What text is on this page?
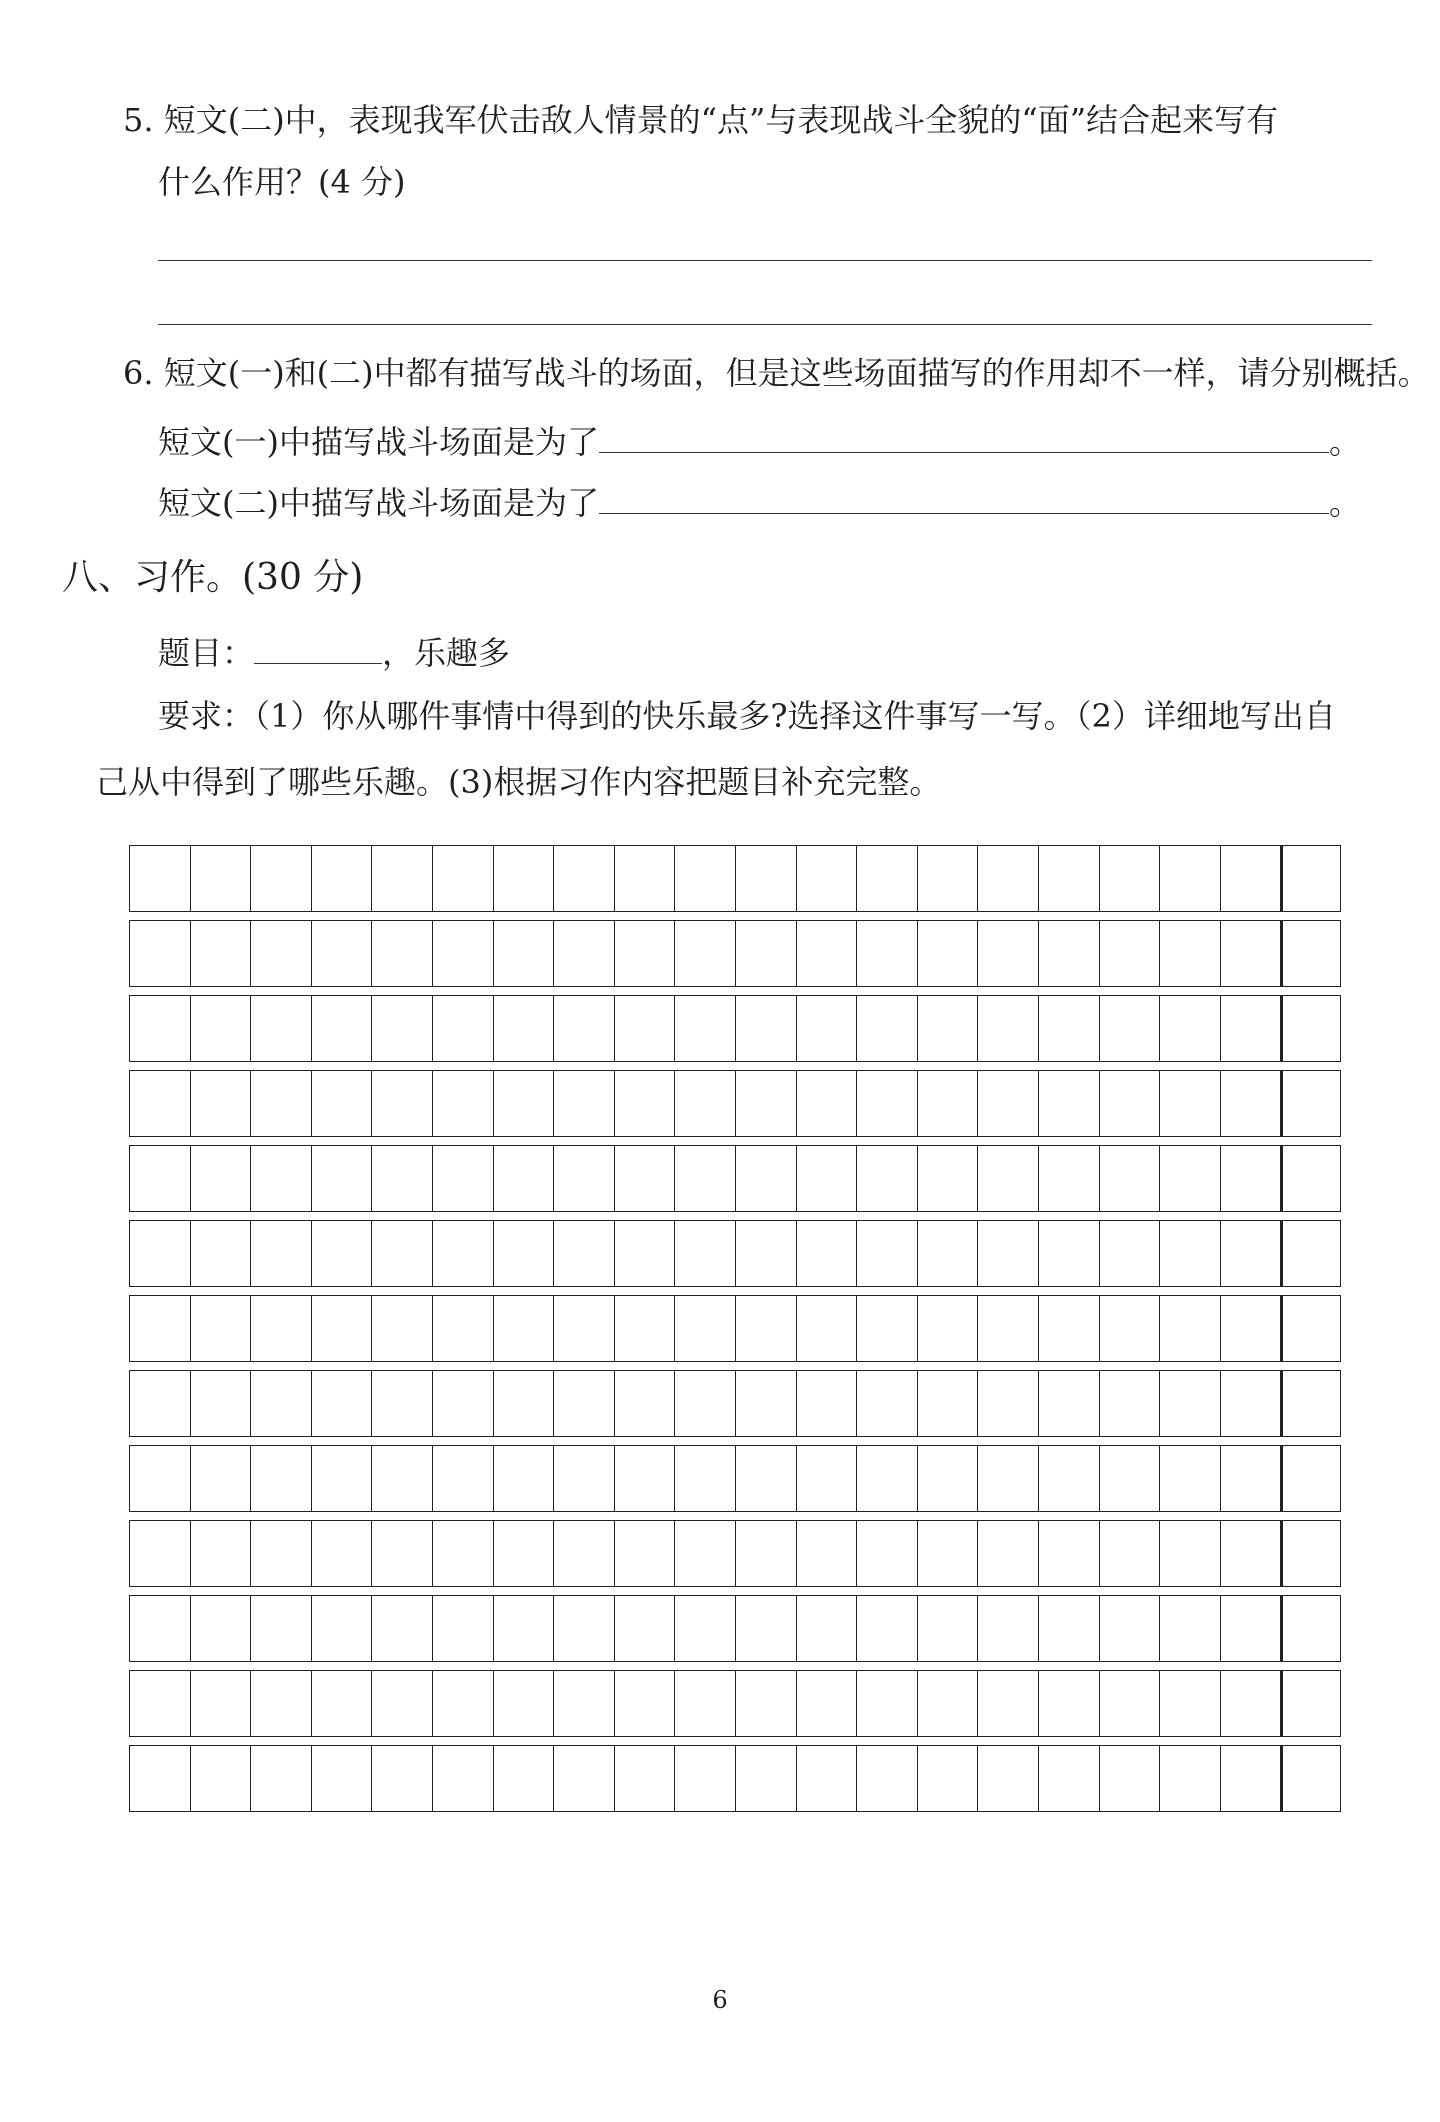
5. 短文(二)中，表现我军伏击敌人情景的“点”与表现战斗全貌的“面”结合起来写有
什么作用？(4 分)
6. 短文(一)和(二)中都有描写战斗的场面，但是这些场面描写的作用却不一样，请分别概括。
短文(一)中描写战斗场面是为了	。
短文(二)中描写战斗场面是为了	。
八、习作。(30 分)
题目：	，乐趣多
要求：（1）你从哪件事情中得到的快乐最多?选择这件事写一写。（2）详细地写出自
己从中得到了哪些乐趣。(3)根据习作内容把题目补充完整。
6
